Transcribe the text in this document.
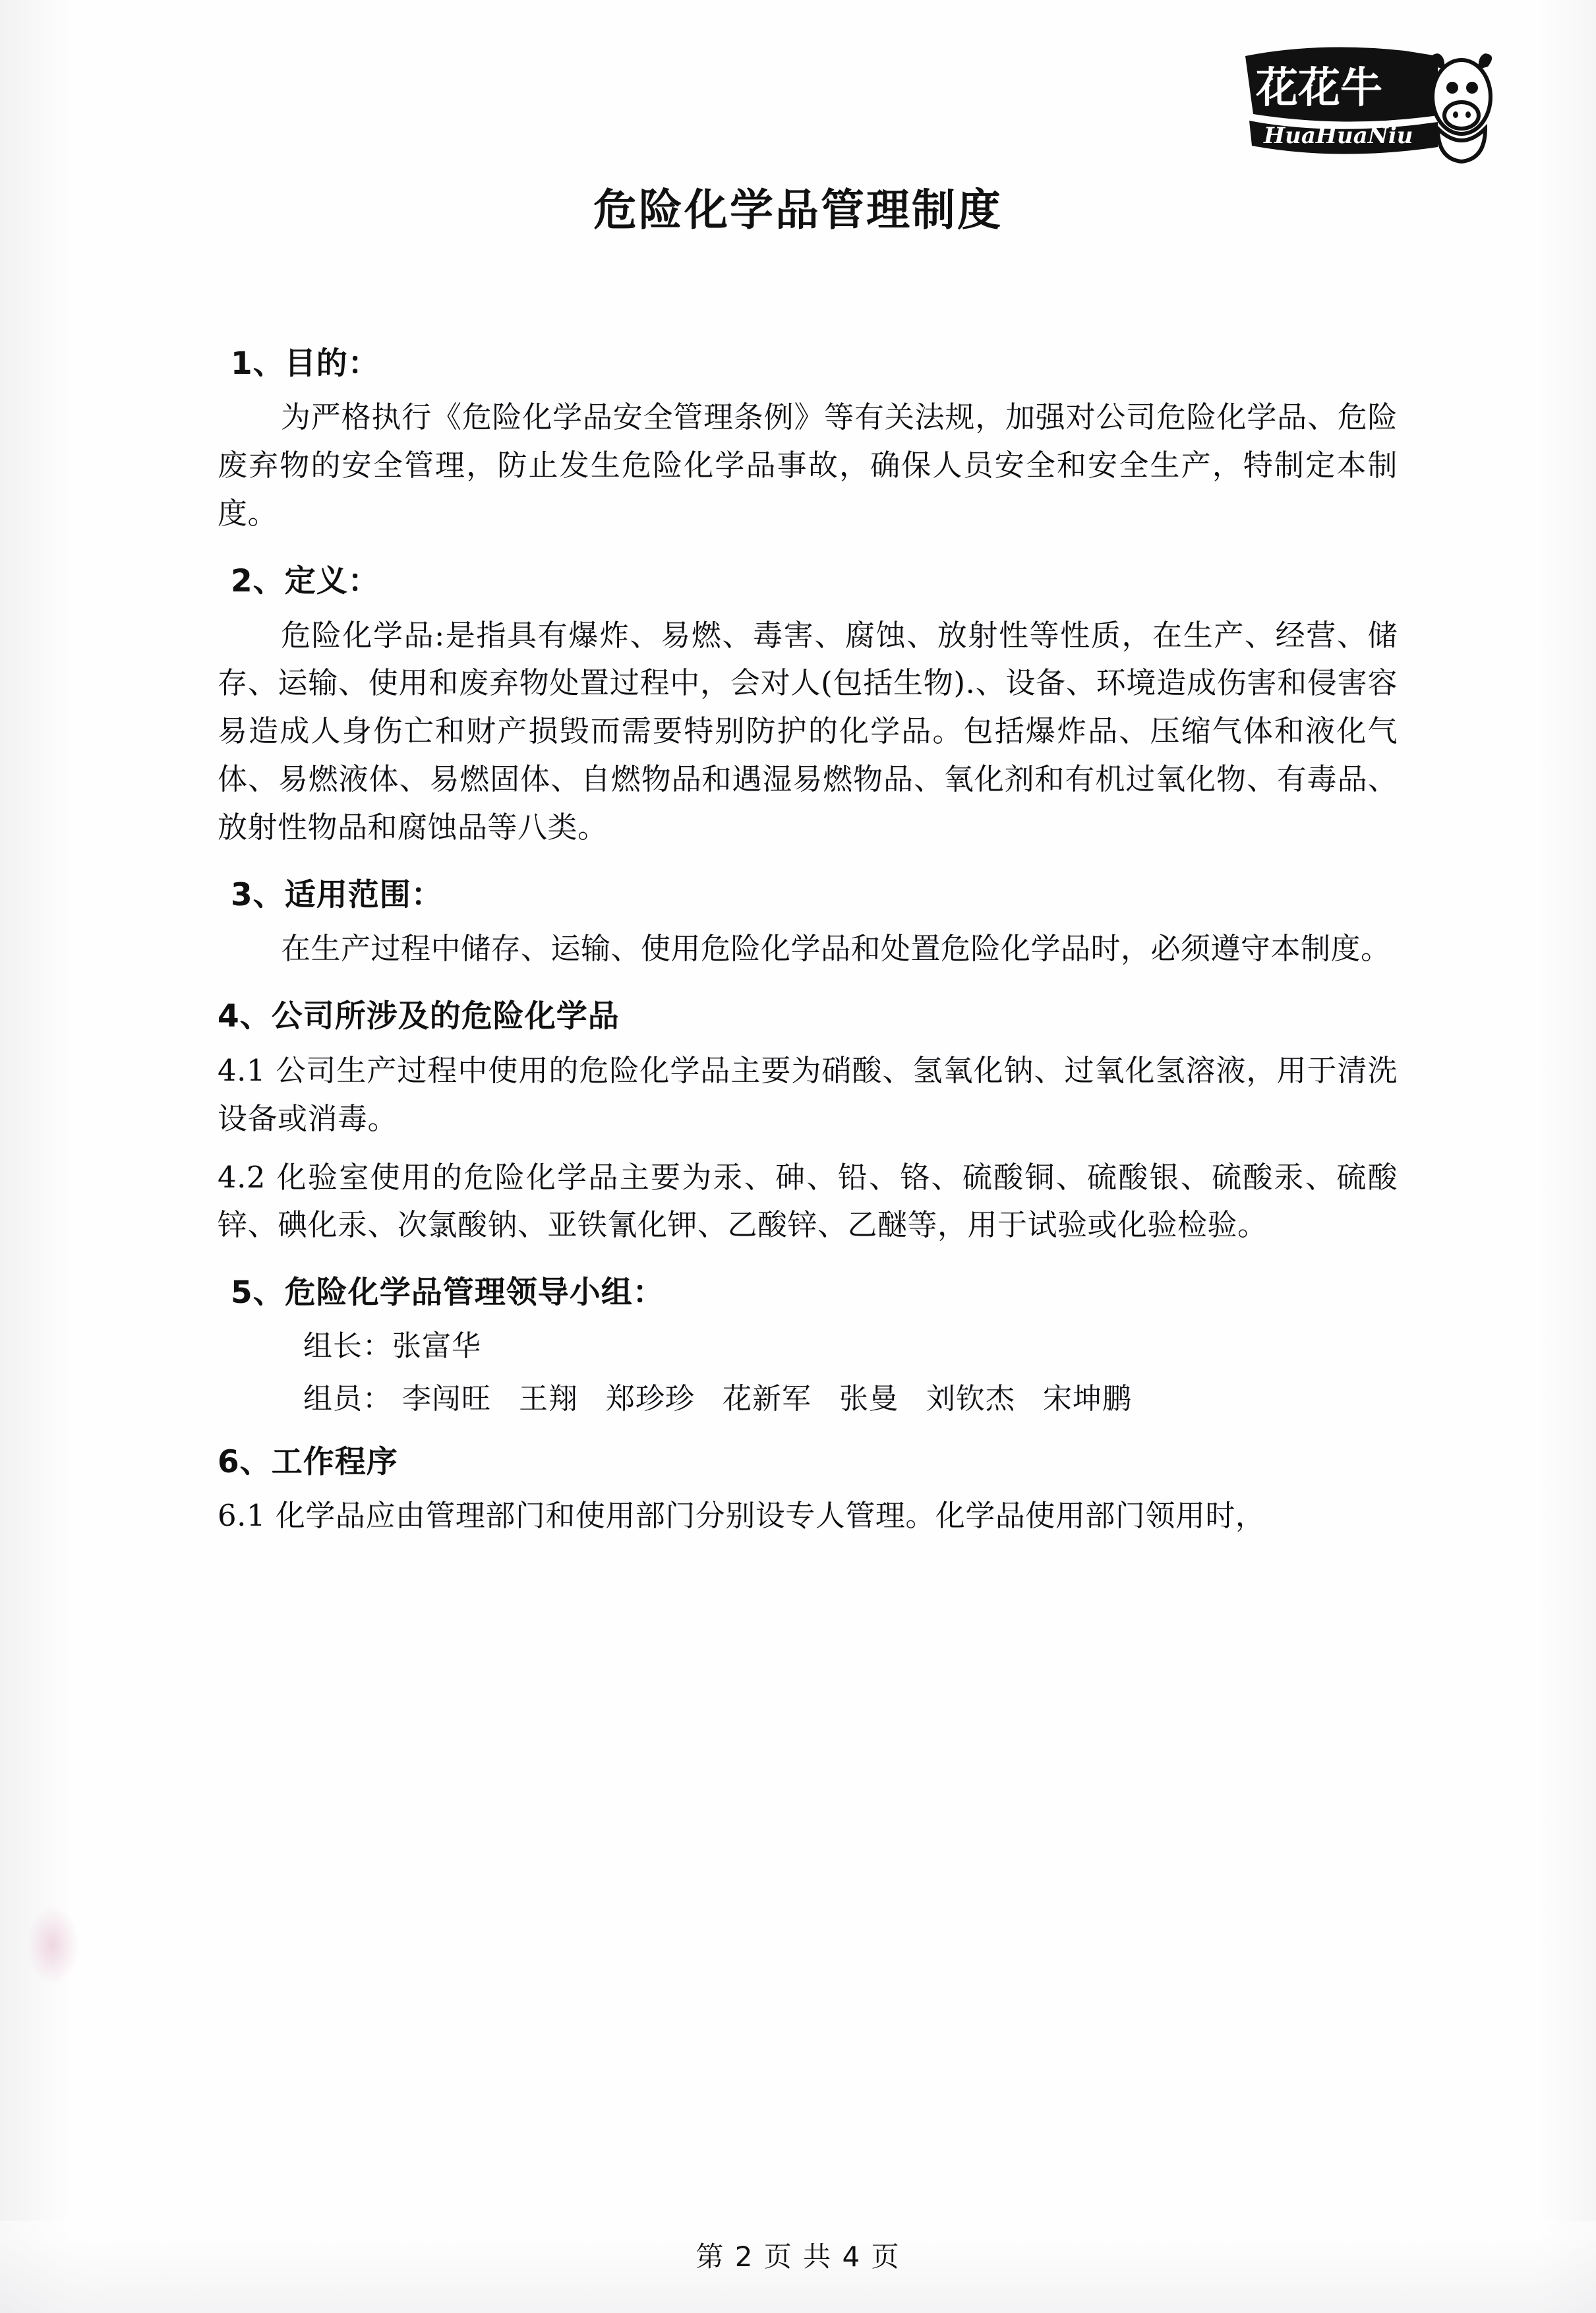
花花牛
HuaHuaNiu
危险化学品管理制度
1、目的：

为严格执行《危险化学品安全管理条例》等有关法规，加强对公司危险化学品、危险废弃物的安全管理，防止发生危险化学品事故，确保人员安全和安全生产，特制定本制度。

2、定义：

危险化学品:是指具有爆炸、易燃、毒害、腐蚀、放射性等性质，在生产、经营、储存、运输、使用和废弃物处置过程中，会对人(包括生物).、设备、环境造成伤害和侵害容易造成人身伤亡和财产损毁而需要特别防护的化学品。包括爆炸品、压缩气体和液化气体、易燃液体、易燃固体、自燃物品和遇湿易燃物品、氧化剂和有机过氧化物、有毒品、放射性物品和腐蚀品等八类。

3、适用范围：

在生产过程中储存、运输、使用危险化学品和处置危险化学品时，必须遵守本制度。

4、公司所涉及的危险化学品

4.1 公司生产过程中使用的危险化学品主要为硝酸、氢氧化钠、过氧化氢溶液，用于清洗设备或消毒。

4.2 化验室使用的危险化学品主要为汞、砷、铅、铬、硫酸铜、硫酸银、硫酸汞、硫酸锌、碘化汞、次氯酸钠、亚铁氰化钾、乙酸锌、乙醚等，用于试验或化验检验。

5、危险化学品管理领导小组：
组长：张富华
组员： 李闯旺 王翔 郑珍珍 花新军 张曼 刘钦杰 宋坤鹏
6、工作程序

6.1 化学品应由管理部门和使用部门分别设专人管理。化学品使用部门领用时，

第 2 页 共 4 页
